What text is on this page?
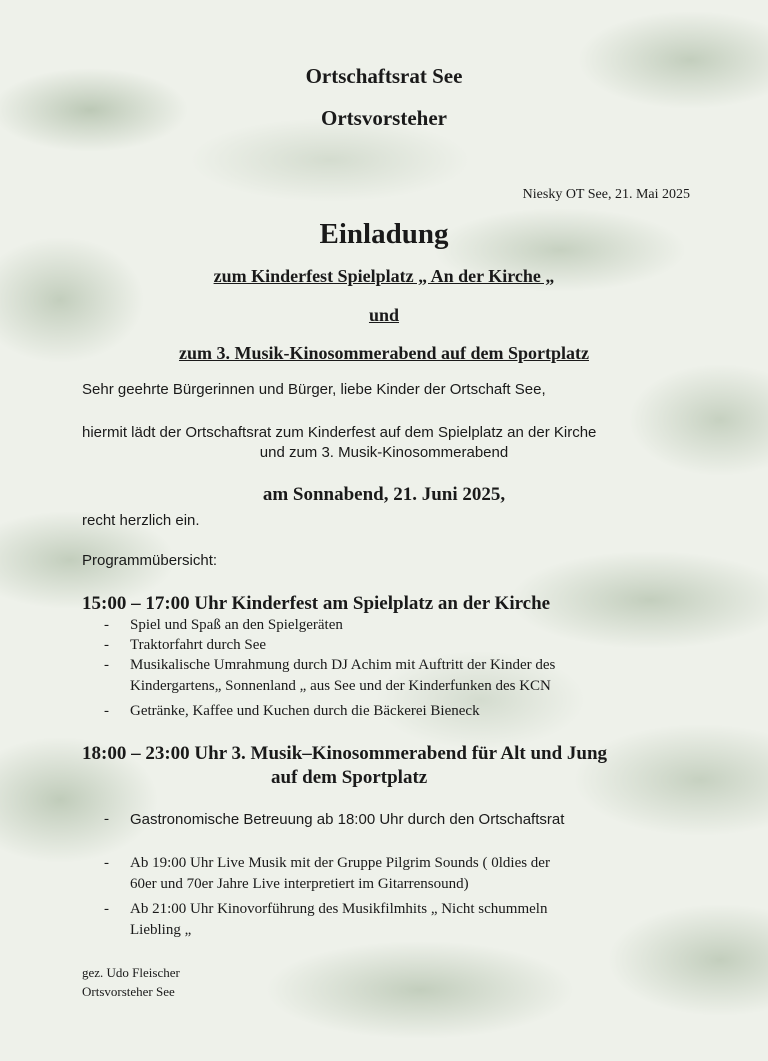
Ortschaftsrat See
Ortsvorsteher
Niesky OT See, 21. Mai 2025
Einladung
zum Kinderfest Spielplatz „ An der Kirche „
und
zum 3. Musik-Kinosommerabend auf dem Sportplatz
Sehr geehrte Bürgerinnen und Bürger, liebe Kinder der Ortschaft See,
hiermit lädt der Ortschaftsrat zum Kinderfest auf dem Spielplatz an der Kirche
und zum 3. Musik-Kinosommerabend
am Sonnabend, 21. Juni 2025,
recht herzlich ein.
Programmübersicht:
15:00 – 17:00 Uhr Kinderfest am Spielplatz an der Kirche
- Spiel und Spaß an den Spielgeräten
- Traktorfahrt durch See
- Musikalische Umrahmung durch DJ Achim mit Auftritt der Kinder des
Kindergartens„ Sonnenland „ aus See und der Kinderfunken des KCN
- Getränke, Kaffee und Kuchen durch die Bäckerei Bieneck
18:00 – 23:00 Uhr 3. Musik–Kinosommerabend für Alt und Jung
auf dem Sportplatz
- Gastronomische Betreuung ab 18:00 Uhr durch den Ortschaftsrat
- Ab 19:00 Uhr Live Musik mit der Gruppe Pilgrim Sounds ( 0ldies der
60er und 70er Jahre Live interpretiert im Gitarrensound)
- Ab 21:00 Uhr Kinovorführung des Musikfilmhits „ Nicht schummeln
Liebling „
gez. Udo Fleischer
Ortsvorsteher See
